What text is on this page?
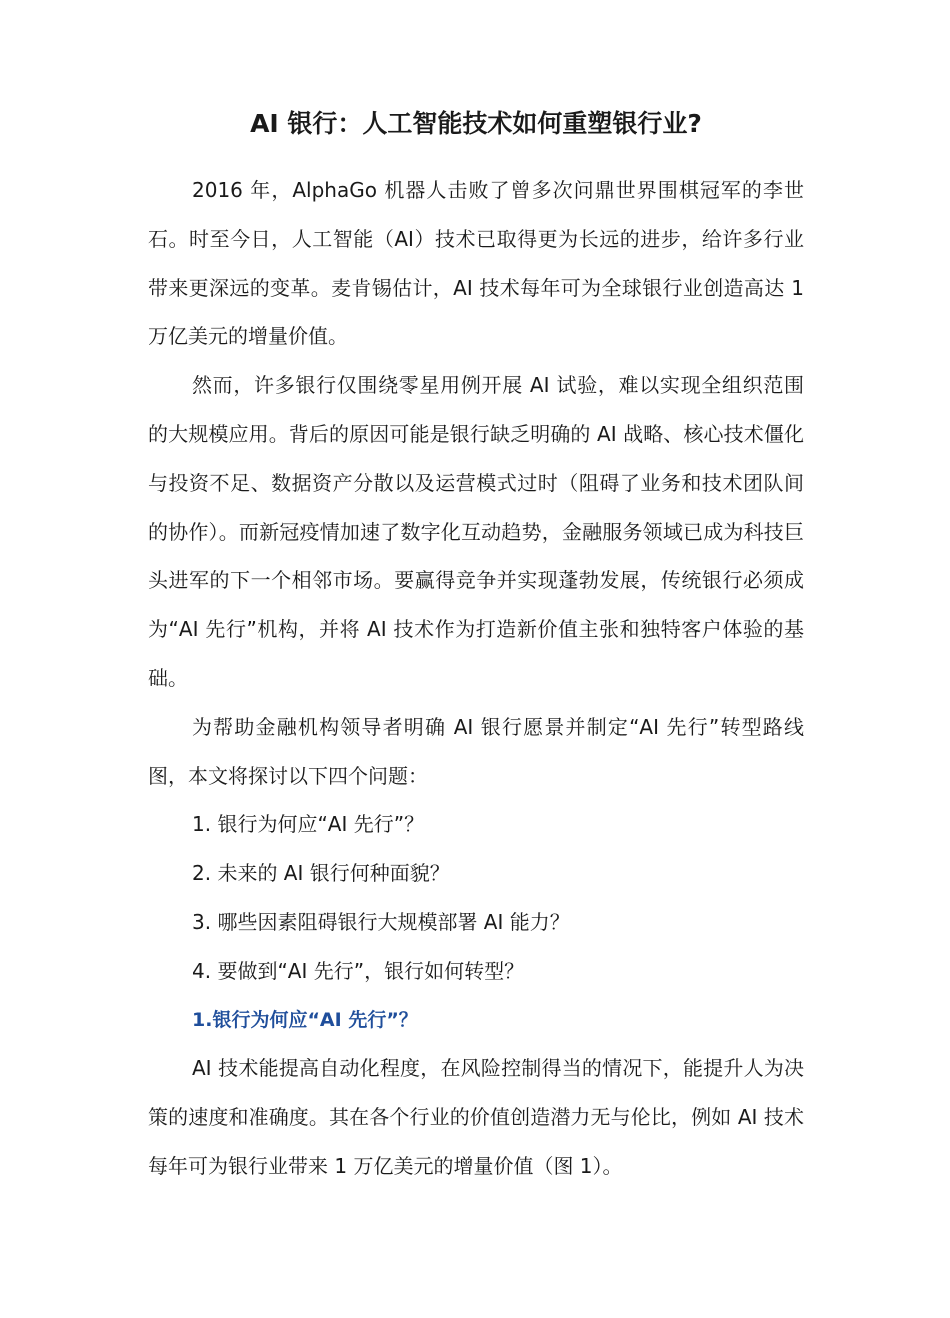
AI 银行：人工智能技术如何重塑银行业?

2016 年，AlphaGo 机器人击败了曾多次问鼎世界围棋冠军的李世石。时至今日，人工智能（AI）技术已取得更为长远的进步，给许多行业带来更深远的变革。麦肯锡估计，AI 技术每年可为全球银行业创造高达 1 万亿美元的增量价值。

然而，许多银行仅围绕零星用例开展 AI 试验，难以实现全组织范围的大规模应用。背后的原因可能是银行缺乏明确的 AI 战略、核心技术僵化与投资不足、数据资产分散以及运营模式过时（阻碍了业务和技术团队间的协作）。而新冠疫情加速了数字化互动趋势，金融服务领域已成为科技巨头进军的下一个相邻市场。要赢得竞争并实现蓬勃发展，传统银行必须成为“AI 先行”机构，并将 AI 技术作为打造新价值主张和独特客户体验的基础。

为帮助金融机构领导者明确 AI 银行愿景并制定“AI 先行”转型路线图，本文将探讨以下四个问题：

1. 银行为何应“AI 先行”？

2. 未来的 AI 银行何种面貌？

3. 哪些因素阻碍银行大规模部署 AI 能力？

4. 要做到“AI 先行”，银行如何转型？

1.银行为何应“AI 先行”？

AI 技术能提高自动化程度，在风险控制得当的情况下，能提升人为决策的速度和准确度。其在各个行业的价值创造潜力无与伦比，例如 AI 技术每年可为银行业带来 1 万亿美元的增量价值（图 1）。
